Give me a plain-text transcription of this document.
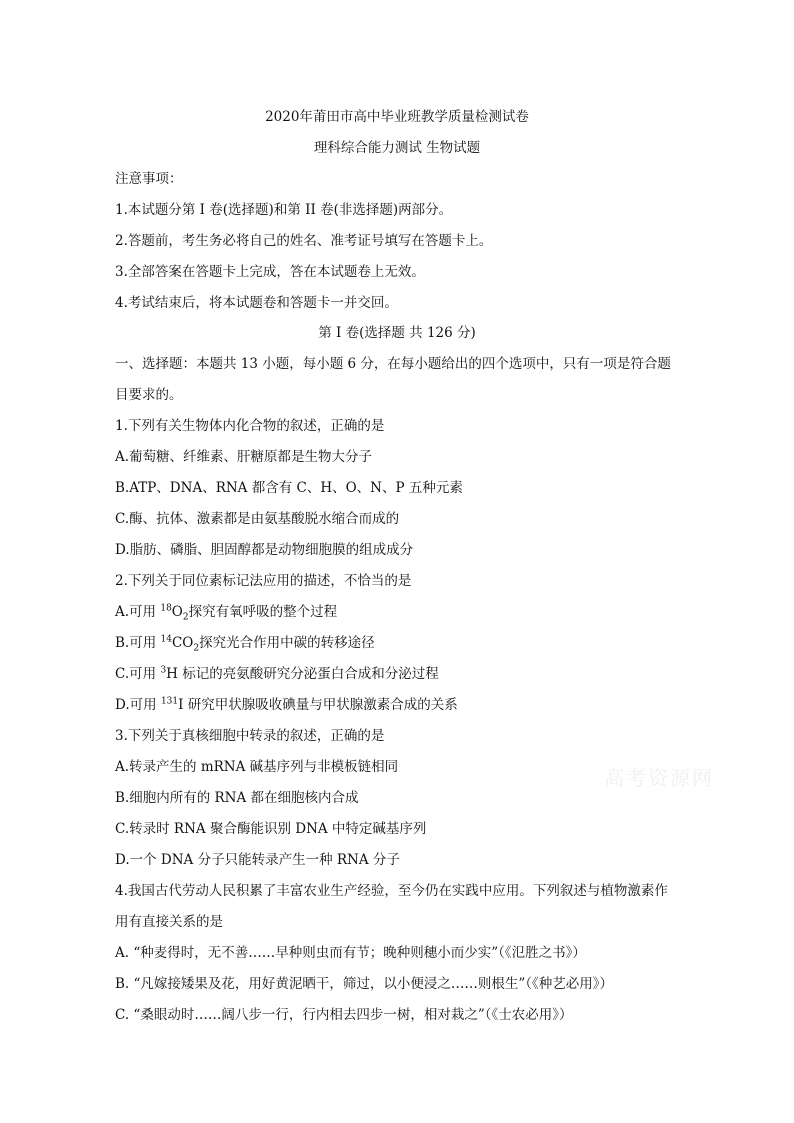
2020年莆田市高中毕业班教学质量检测试卷
理科综合能力测试 生物试题
注意事项：
1.本试题分第 I 卷(选择题)和第 II 卷(非选择题)两部分。
2.答题前，考生务必将自己的姓名、准考证号填写在答题卡上。
3.全部答案在答题卡上完成，答在本试题卷上无效。
4.考试结束后，将本试题卷和答题卡一并交回。
第 I 卷(选择题 共 126 分)
一、选择题：本题共 13 小题，每小题 6 分，在每小题给出的四个选项中，只有一项是符合题
目要求的。
1.下列有关生物体内化合物的叙述，正确的是
A.葡萄糖、纤维素、肝糖原都是生物大分子
B.ATP、DNA、RNA 都含有 C、H、O、N、P 五种元素
C.酶、抗体、激素都是由氨基酸脱水缩合而成的
D.脂肪、磷脂、胆固醇都是动物细胞膜的组成成分
2.下列关于同位素标记法应用的描述，不恰当的是
A.可用 $^{18}O_2$探究有氧呼吸的整个过程
B.可用 $^{14}CO_2$探究光合作用中碳的转移途径
C.可用 $^3$H 标记的亮氨酸研究分泌蛋白合成和分泌过程
D.可用 $^{131}$I 研究甲状腺吸收碘量与甲状腺激素合成的关系
3.下列关于真核细胞中转录的叙述，正确的是
A.转录产生的 mRNA 碱基序列与非模板链相同
B.细胞内所有的 RNA 都在细胞核内合成
C.转录时 RNA 聚合酶能识别 DNA 中特定碱基序列
D.一个 DNA 分子只能转录产生一种 RNA 分子
4.我国古代劳动人民积累了丰富农业生产经验，至今仍在实践中应用。下列叙述与植物激素作
用有直接关系的是
A. “种麦得时，无不善……早种则虫而有节；晚种则穗小而少实”（《氾胜之书》）
B. “凡嫁接矮果及花，用好黄泥晒干，筛过，以小便浸之……则根生”（《种艺必用》）
C. “桑眼动时……阔八步一行，行内相去四步一树，相对栽之”（《士农必用》）
高考资源网
